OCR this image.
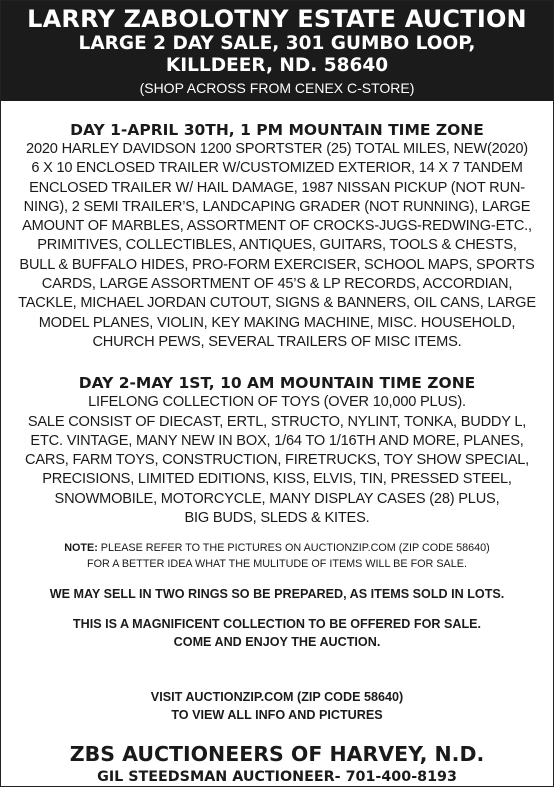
LARRY ZABOLOTNY ESTATE AUCTION
LARGE 2 DAY SALE, 301 GUMBO LOOP,
KILLDEER, ND. 58640
(SHOP ACROSS FROM CENEX C-STORE)
DAY 1-APRIL 30TH, 1 PM MOUNTAIN TIME ZONE
2020 HARLEY DAVIDSON 1200 SPORTSTER (25) TOTAL MILES, NEW(2020)
6 X 10 ENCLOSED TRAILER W/CUSTOMIZED EXTERIOR, 14 X 7 TANDEM
ENCLOSED TRAILER W/ HAIL DAMAGE, 1987 NISSAN PICKUP (NOT RUN-
NING), 2 SEMI TRAILER’S, LANDCAPING GRADER (NOT RUNNING), LARGE
AMOUNT OF MARBLES, ASSORTMENT OF CROCKS-JUGS-REDWING-ETC.,
PRIMITIVES, COLLECTIBLES, ANTIQUES, GUITARS, TOOLS & CHESTS,
BULL & BUFFALO HIDES, PRO-FORM EXERCISER, SCHOOL MAPS, SPORTS
CARDS, LARGE ASSORTMENT OF 45’S & LP RECORDS, ACCORDIAN,
TACKLE, MICHAEL JORDAN CUTOUT, SIGNS & BANNERS, OIL CANS, LARGE
MODEL PLANES, VIOLIN, KEY MAKING MACHINE, MISC. HOUSEHOLD,
CHURCH PEWS, SEVERAL TRAILERS OF MISC ITEMS.
DAY 2-MAY 1ST, 10 AM MOUNTAIN TIME ZONE
LIFELONG COLLECTION OF TOYS (OVER 10,000 PLUS).
SALE CONSIST OF DIECAST, ERTL, STRUCTO, NYLINT, TONKA, BUDDY L,
ETC. VINTAGE, MANY NEW IN BOX, 1/64 TO 1/16TH AND MORE, PLANES,
CARS, FARM TOYS, CONSTRUCTION, FIRETRUCKS, TOY SHOW SPECIAL,
PRECISIONS, LIMITED EDITIONS, KISS, ELVIS, TIN, PRESSED STEEL,
SNOWMOBILE, MOTORCYCLE, MANY DISPLAY CASES (28) PLUS,
BIG BUDS, SLEDS & KITES.
NOTE: PLEASE REFER TO THE PICTURES ON AUCTIONZIP.COM (ZIP CODE 58640)
FOR A BETTER IDEA WHAT THE MULITUDE OF ITEMS WILL BE FOR SALE.
WE MAY SELL IN TWO RINGS SO BE PREPARED, AS ITEMS SOLD IN LOTS.
THIS IS A MAGNIFICENT COLLECTION TO BE OFFERED FOR SALE.
COME AND ENJOY THE AUCTION.
VISIT AUCTIONZIP.COM (ZIP CODE 58640)
TO VIEW ALL INFO AND PICTURES
ZBS AUCTIONEERS OF HARVEY, N.D.
GIL STEEDSMAN AUCTIONEER- 701-400-8193
